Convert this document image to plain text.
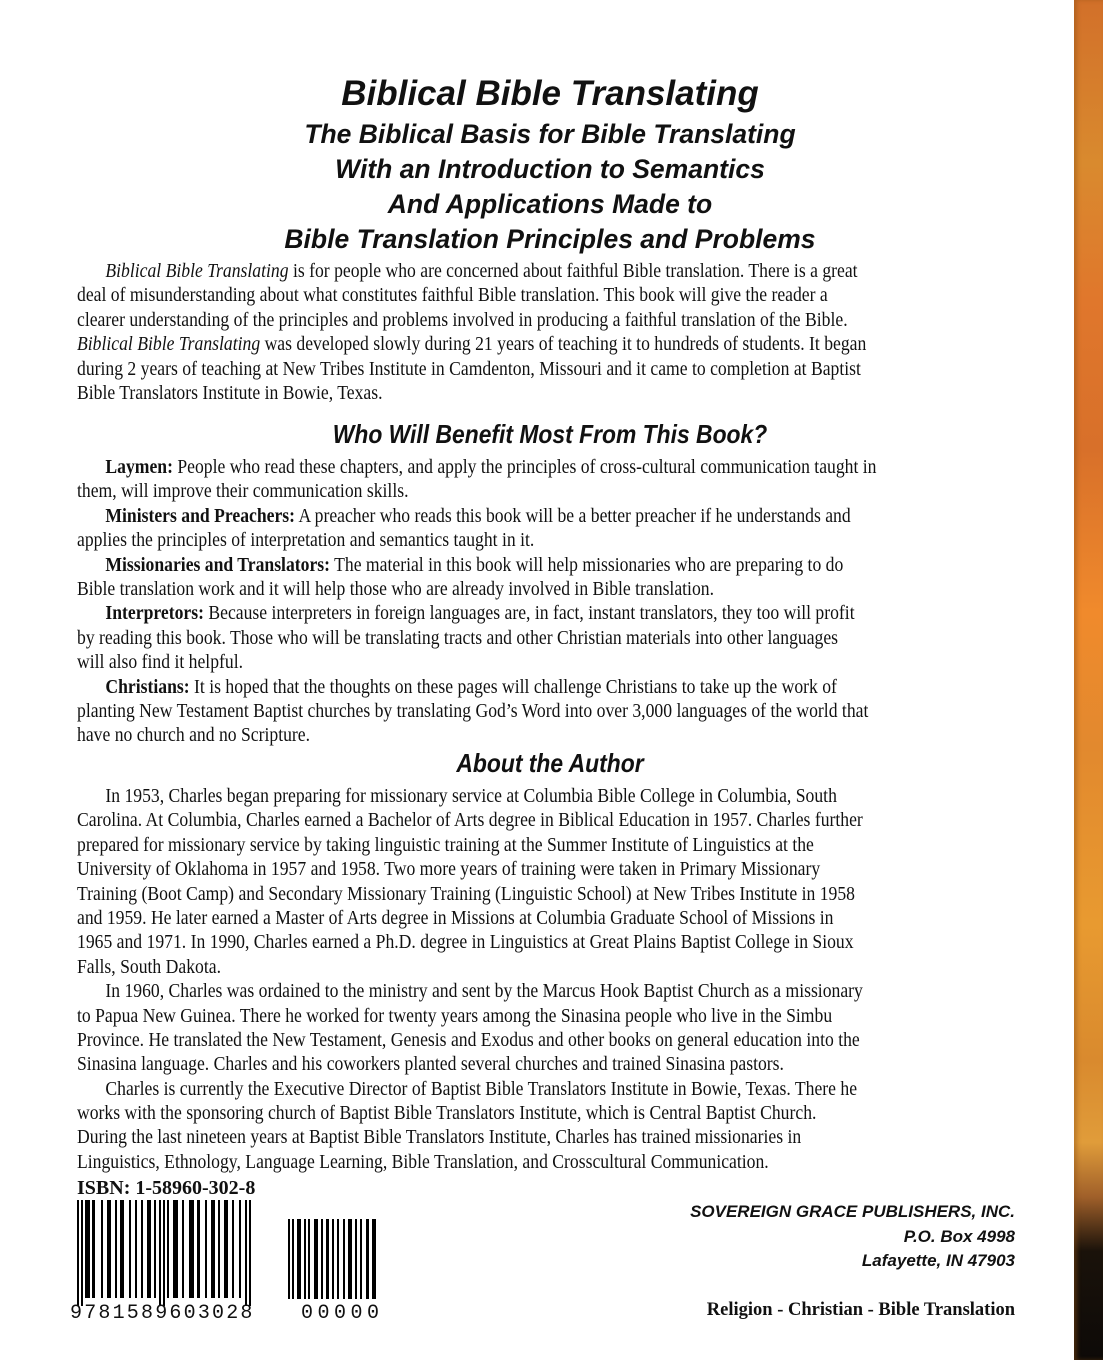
Biblical Bible Translating
The Biblical Basis for Bible Translating
With an Introduction to Semantics
And Applications Made to
Bible Translation Principles and Problems
Biblical Bible Translating is for people who are concerned about faithful Bible translation. There is a great
deal of misunderstanding about what constitutes faithful Bible translation. This book will give the reader a
clearer understanding of the principles and problems involved in producing a faithful translation of the Bible.
Biblical Bible Translating was developed slowly during 21 years of teaching it to hundreds of students. It began
during 2 years of teaching at New Tribes Institute in Camdenton, Missouri and it came to completion at Baptist
Bible Translators Institute in Bowie, Texas.
Who Will Benefit Most From This Book?
Laymen: People who read these chapters, and apply the principles of cross-cultural communication taught in
them, will improve their communication skills.
Ministers and Preachers: A preacher who reads this book will be a better preacher if he understands and
applies the principles of interpretation and semantics taught in it.
Missionaries and Translators: The material in this book will help missionaries who are preparing to do
Bible translation work and it will help those who are already involved in Bible translation.
Interpretors: Because interpreters in foreign languages are, in fact, instant translators, they too will profit
by reading this book. Those who will be translating tracts and other Christian materials into other languages
will also find it helpful.
Christians: It is hoped that the thoughts on these pages will challenge Christians to take up the work of
planting New Testament Baptist churches by translating God’s Word into over 3,000 languages of the world that
have no church and no Scripture.
About the Author
In 1953, Charles began preparing for missionary service at Columbia Bible College in Columbia, South
Carolina. At Columbia, Charles earned a Bachelor of Arts degree in Biblical Education in 1957. Charles further
prepared for missionary service by taking linguistic training at the Summer Institute of Linguistics at the
University of Oklahoma in 1957 and 1958. Two more years of training were taken in Primary Missionary
Training (Boot Camp) and Secondary Missionary Training (Linguistic School) at New Tribes Institute in 1958
and 1959. He later earned a Master of Arts degree in Missions at Columbia Graduate School of Missions in
1965 and 1971. In 1990, Charles earned a Ph.D. degree in Linguistics at Great Plains Baptist College in Sioux
Falls, South Dakota.
In 1960, Charles was ordained to the ministry and sent by the Marcus Hook Baptist Church as a missionary
to Papua New Guinea. There he worked for twenty years among the Sinasina people who live in the Simbu
Province. He translated the New Testament, Genesis and Exodus and other books on general education into the
Sinasina language. Charles and his coworkers planted several churches and trained Sinasina pastors.
Charles is currently the Executive Director of Baptist Bible Translators Institute in Bowie, Texas. There he
works with the sponsoring church of Baptist Bible Translators Institute, which is Central Baptist Church.
During the last nineteen years at Baptist Bible Translators Institute, Charles has trained missionaries in
Linguistics, Ethnology, Language Learning, Bible Translation, and Crosscultural Communication.
ISBN: 1-58960-302-8
9781589603028 00000
SOVEREIGN GRACE PUBLISHERS, INC.
P.O. Box 4998
Lafayette, IN 47903
Religion - Christian - Bible Translation
